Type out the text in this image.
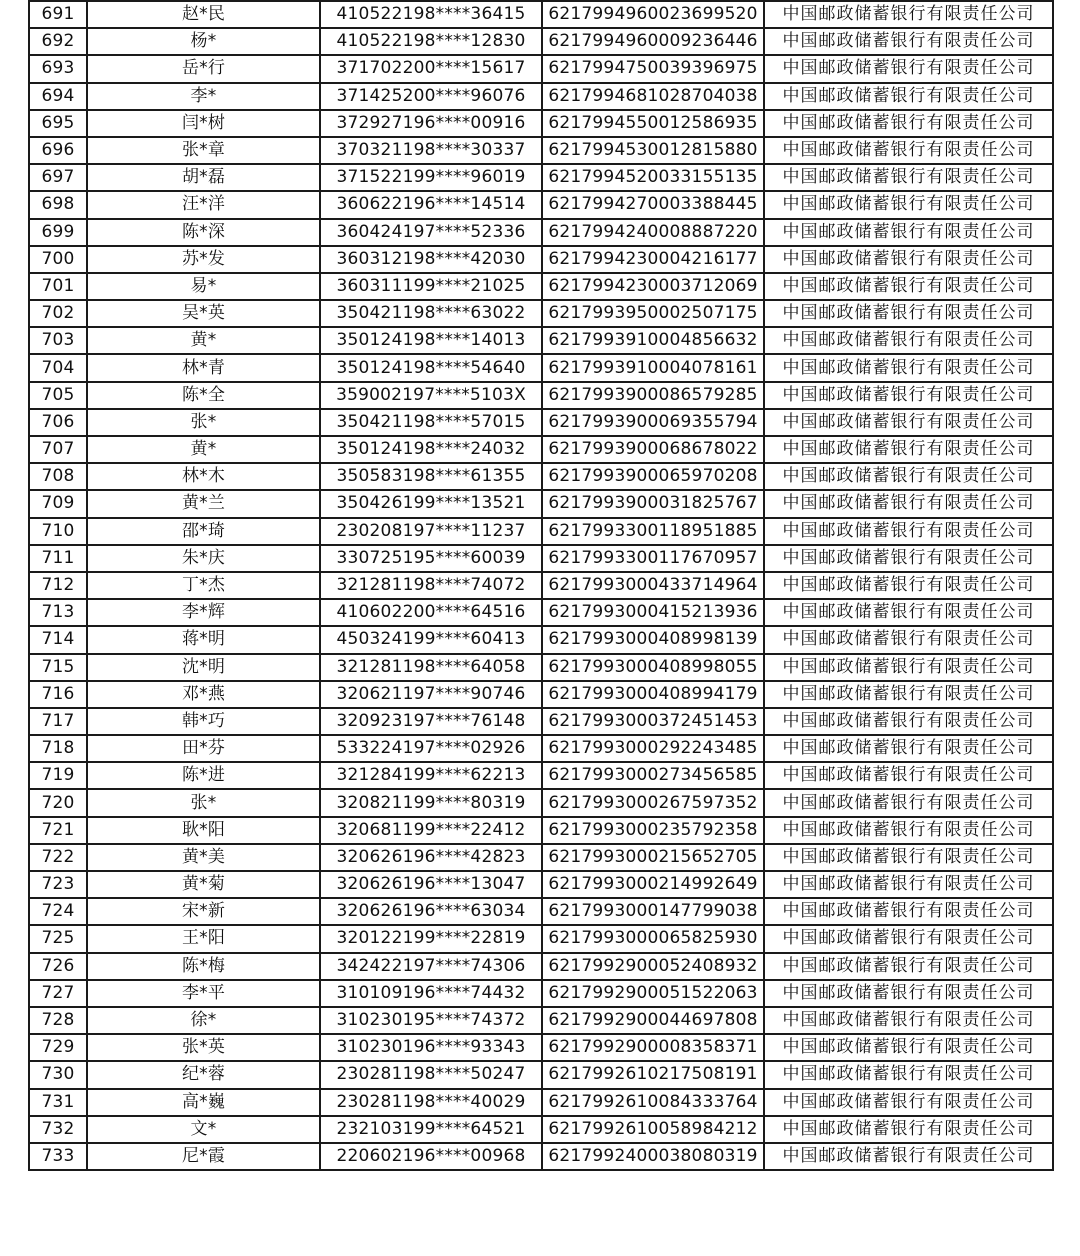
691	赵*民	410522198****36415	6217994960023699520	中国邮政储蓄银行有限责任公司
692	杨*	410522198****12830	6217994960009236446	中国邮政储蓄银行有限责任公司
693	岳*行	371702200****15617	6217994750039396975	中国邮政储蓄银行有限责任公司
694	李*	371425200****96076	6217994681028704038	中国邮政储蓄银行有限责任公司
695	闫*树	372927196****00916	6217994550012586935	中国邮政储蓄银行有限责任公司
696	张*章	370321198****30337	6217994530012815880	中国邮政储蓄银行有限责任公司
697	胡*磊	371522199****96019	6217994520033155135	中国邮政储蓄银行有限责任公司
698	汪*洋	360622196****14514	6217994270003388445	中国邮政储蓄银行有限责任公司
699	陈*深	360424197****52336	6217994240008887220	中国邮政储蓄银行有限责任公司
700	苏*发	360312198****42030	6217994230004216177	中国邮政储蓄银行有限责任公司
701	易*	360311199****21025	6217994230003712069	中国邮政储蓄银行有限责任公司
702	吴*英	350421198****63022	6217993950002507175	中国邮政储蓄银行有限责任公司
703	黄*	350124198****14013	6217993910004856632	中国邮政储蓄银行有限责任公司
704	林*青	350124198****54640	6217993910004078161	中国邮政储蓄银行有限责任公司
705	陈*全	359002197****5103X	6217993900086579285	中国邮政储蓄银行有限责任公司
706	张*	350421198****57015	6217993900069355794	中国邮政储蓄银行有限责任公司
707	黄*	350124198****24032	6217993900068678022	中国邮政储蓄银行有限责任公司
708	林*木	350583198****61355	6217993900065970208	中国邮政储蓄银行有限责任公司
709	黄*兰	350426199****13521	6217993900031825767	中国邮政储蓄银行有限责任公司
710	邵*琦	230208197****11237	6217993300118951885	中国邮政储蓄银行有限责任公司
711	朱*庆	330725195****60039	6217993300117670957	中国邮政储蓄银行有限责任公司
712	丁*杰	321281198****74072	6217993000433714964	中国邮政储蓄银行有限责任公司
713	李*辉	410602200****64516	6217993000415213936	中国邮政储蓄银行有限责任公司
714	蒋*明	450324199****60413	6217993000408998139	中国邮政储蓄银行有限责任公司
715	沈*明	321281198****64058	6217993000408998055	中国邮政储蓄银行有限责任公司
716	邓*燕	320621197****90746	6217993000408994179	中国邮政储蓄银行有限责任公司
717	韩*巧	320923197****76148	6217993000372451453	中国邮政储蓄银行有限责任公司
718	田*芬	533224197****02926	6217993000292243485	中国邮政储蓄银行有限责任公司
719	陈*进	321284199****62213	6217993000273456585	中国邮政储蓄银行有限责任公司
720	张*	320821199****80319	6217993000267597352	中国邮政储蓄银行有限责任公司
721	耿*阳	320681199****22412	6217993000235792358	中国邮政储蓄银行有限责任公司
722	黄*美	320626196****42823	6217993000215652705	中国邮政储蓄银行有限责任公司
723	黄*菊	320626196****13047	6217993000214992649	中国邮政储蓄银行有限责任公司
724	宋*新	320626196****63034	6217993000147799038	中国邮政储蓄银行有限责任公司
725	王*阳	320122199****22819	6217993000065825930	中国邮政储蓄银行有限责任公司
726	陈*梅	342422197****74306	6217992900052408932	中国邮政储蓄银行有限责任公司
727	李*平	310109196****74432	6217992900051522063	中国邮政储蓄银行有限责任公司
728	徐*	310230195****74372	6217992900044697808	中国邮政储蓄银行有限责任公司
729	张*英	310230196****93343	6217992900008358371	中国邮政储蓄银行有限责任公司
730	纪*蓉	230281198****50247	6217992610217508191	中国邮政储蓄银行有限责任公司
731	高*巍	230281198****40029	6217992610084333764	中国邮政储蓄银行有限责任公司
732	文*	232103199****64521	6217992610058984212	中国邮政储蓄银行有限责任公司
733	尼*霞	220602196****00968	6217992400038080319	中国邮政储蓄银行有限责任公司
